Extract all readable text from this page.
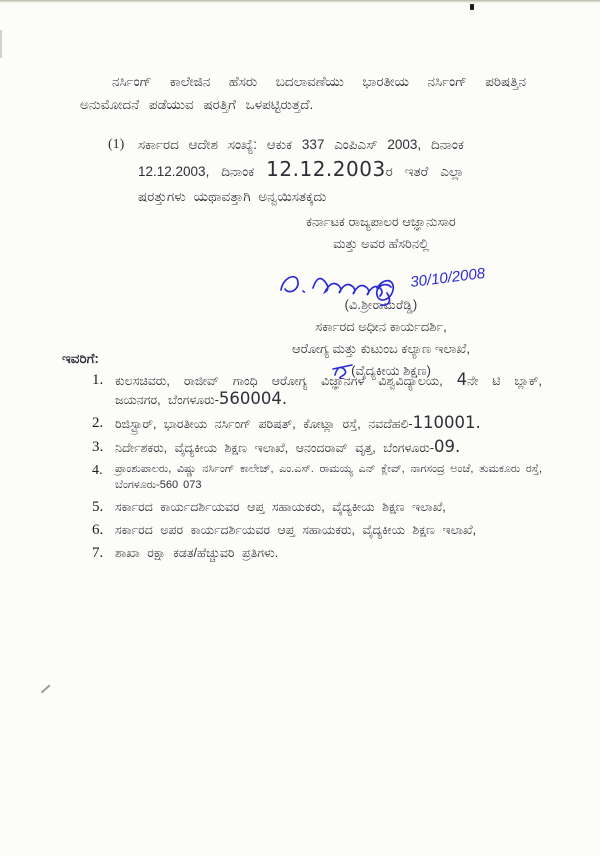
ನರ್ಸಿಂಗ್ ಕಾಲೇಜಿನ ಹೆಸರು ಬದಲಾವಣೆಯು ಭಾರತೀಯ ನರ್ಸಿಂಗ್ ಪರಿಷತ್ತಿನ ಅನುಮೋದನೆ ಪಡೆಯುವ ಷರತ್ತಿಗೆ ಒಳಪಟ್ಟಿರುತ್ತದೆ.

(1)	ಸರ್ಕಾರದ ಆದೇಶ ಸಂಖ್ಯೆ: ಆಕುಕ 337 ಎಂಪಿಎಸ್ 2003, ದಿನಾಂಕ 12.12.2003, ದಿನಾಂಕ 12.12.2003ರ ಇತರೆ ಎಲ್ಲಾ ಷರತ್ತುಗಳು ಯಥಾವತ್ತಾಗಿ ಅನ್ವಯಿಸತಕ್ಕದು
ಕರ್ನಾಟಕ ರಾಜ್ಯಪಾಲರ ಆಜ್ಞಾನುಸಾರ
ಮತ್ತು ಅವರ ಹೆಸರಿನಲ್ಲಿ
30/10/2008
(ವಿ.ಶ್ರೀರಾಮರೆಡ್ಡಿ)
ಸರ್ಕಾರದ ಅಧೀನ ಕಾರ್ಯದರ್ಶಿ,
ಆರೋಗ್ಯ ಮತ್ತು ಕುಟುಂಬ ಕಲ್ಯಾಣ ಇಲಾಖೆ,
(ವೈದ್ಯಕೀಯ ಶಿಕ್ಷಣ)
ಇವರಿಗೆ:
1. ಕುಲಸಚಿವರು, ರಾಜೀವ್ ಗಾಂಧಿ ಆರೋಗ್ಯ ವಿಜ್ಞಾನಗಳ ವಿಶ್ವವಿದ್ಯಾಲಯ, 4ನೇ ಟಿ ಬ್ಲಾಕ್, ಜಯನಗರ, ಬೆಂಗಳೂರು-560004.
2. ರಿಜಿಸ್ಟ್ರಾರ್, ಭಾರತೀಯ ನರ್ಸಿಂಗ್ ಪರಿಷತ್, ಕೋಟ್ಲಾ ರಸ್ತೆ, ನವದೆಹಲಿ-110001.
3. ನಿರ್ದೇಶಕರು, ವೈದ್ಯಕೀಯ ಶಿಕ್ಷಣ ಇಲಾಖೆ, ಆನಂದರಾವ್ ವೃತ್ತ, ಬೆಂಗಳೂರು-09.
4.	ಪ್ರಾಂಶುಪಾಲರು, ವಿಷ್ಣು ನರ್ಸಿಂಗ್ ಕಾಲೇಜ್, ಎಂ.ಎಸ್. ರಾಮಯ್ಯ ಎನ್ ಕ್ಲೇವ್, ನಾಗಸಂದ್ರ ಅಂಚೆ, ತುಮಕೂರು ರಸ್ತೆ, ಬೆಂಗಳೂರು-560 073
5. ಸರ್ಕಾರದ ಕಾರ್ಯದರ್ಶಿಯವರ ಆಪ್ತ ಸಹಾಯಕರು, ವೈದ್ಯಕೀಯ ಶಿಕ್ಷಣ ಇಲಾಖೆ,
6. ಸರ್ಕಾರದ ಅಪರ ಕಾರ್ಯದರ್ಶಿಯವರ ಆಪ್ತ ಸಹಾಯಕರು, ವೈದ್ಯಕೀಯ ಶಿಕ್ಷಣ ಇಲಾಖೆ,
7. ಶಾಖಾ ರಕ್ಷಾ ಕಡತ/ಹೆಚ್ಚುವರಿ ಪ್ರತಿಗಳು.
